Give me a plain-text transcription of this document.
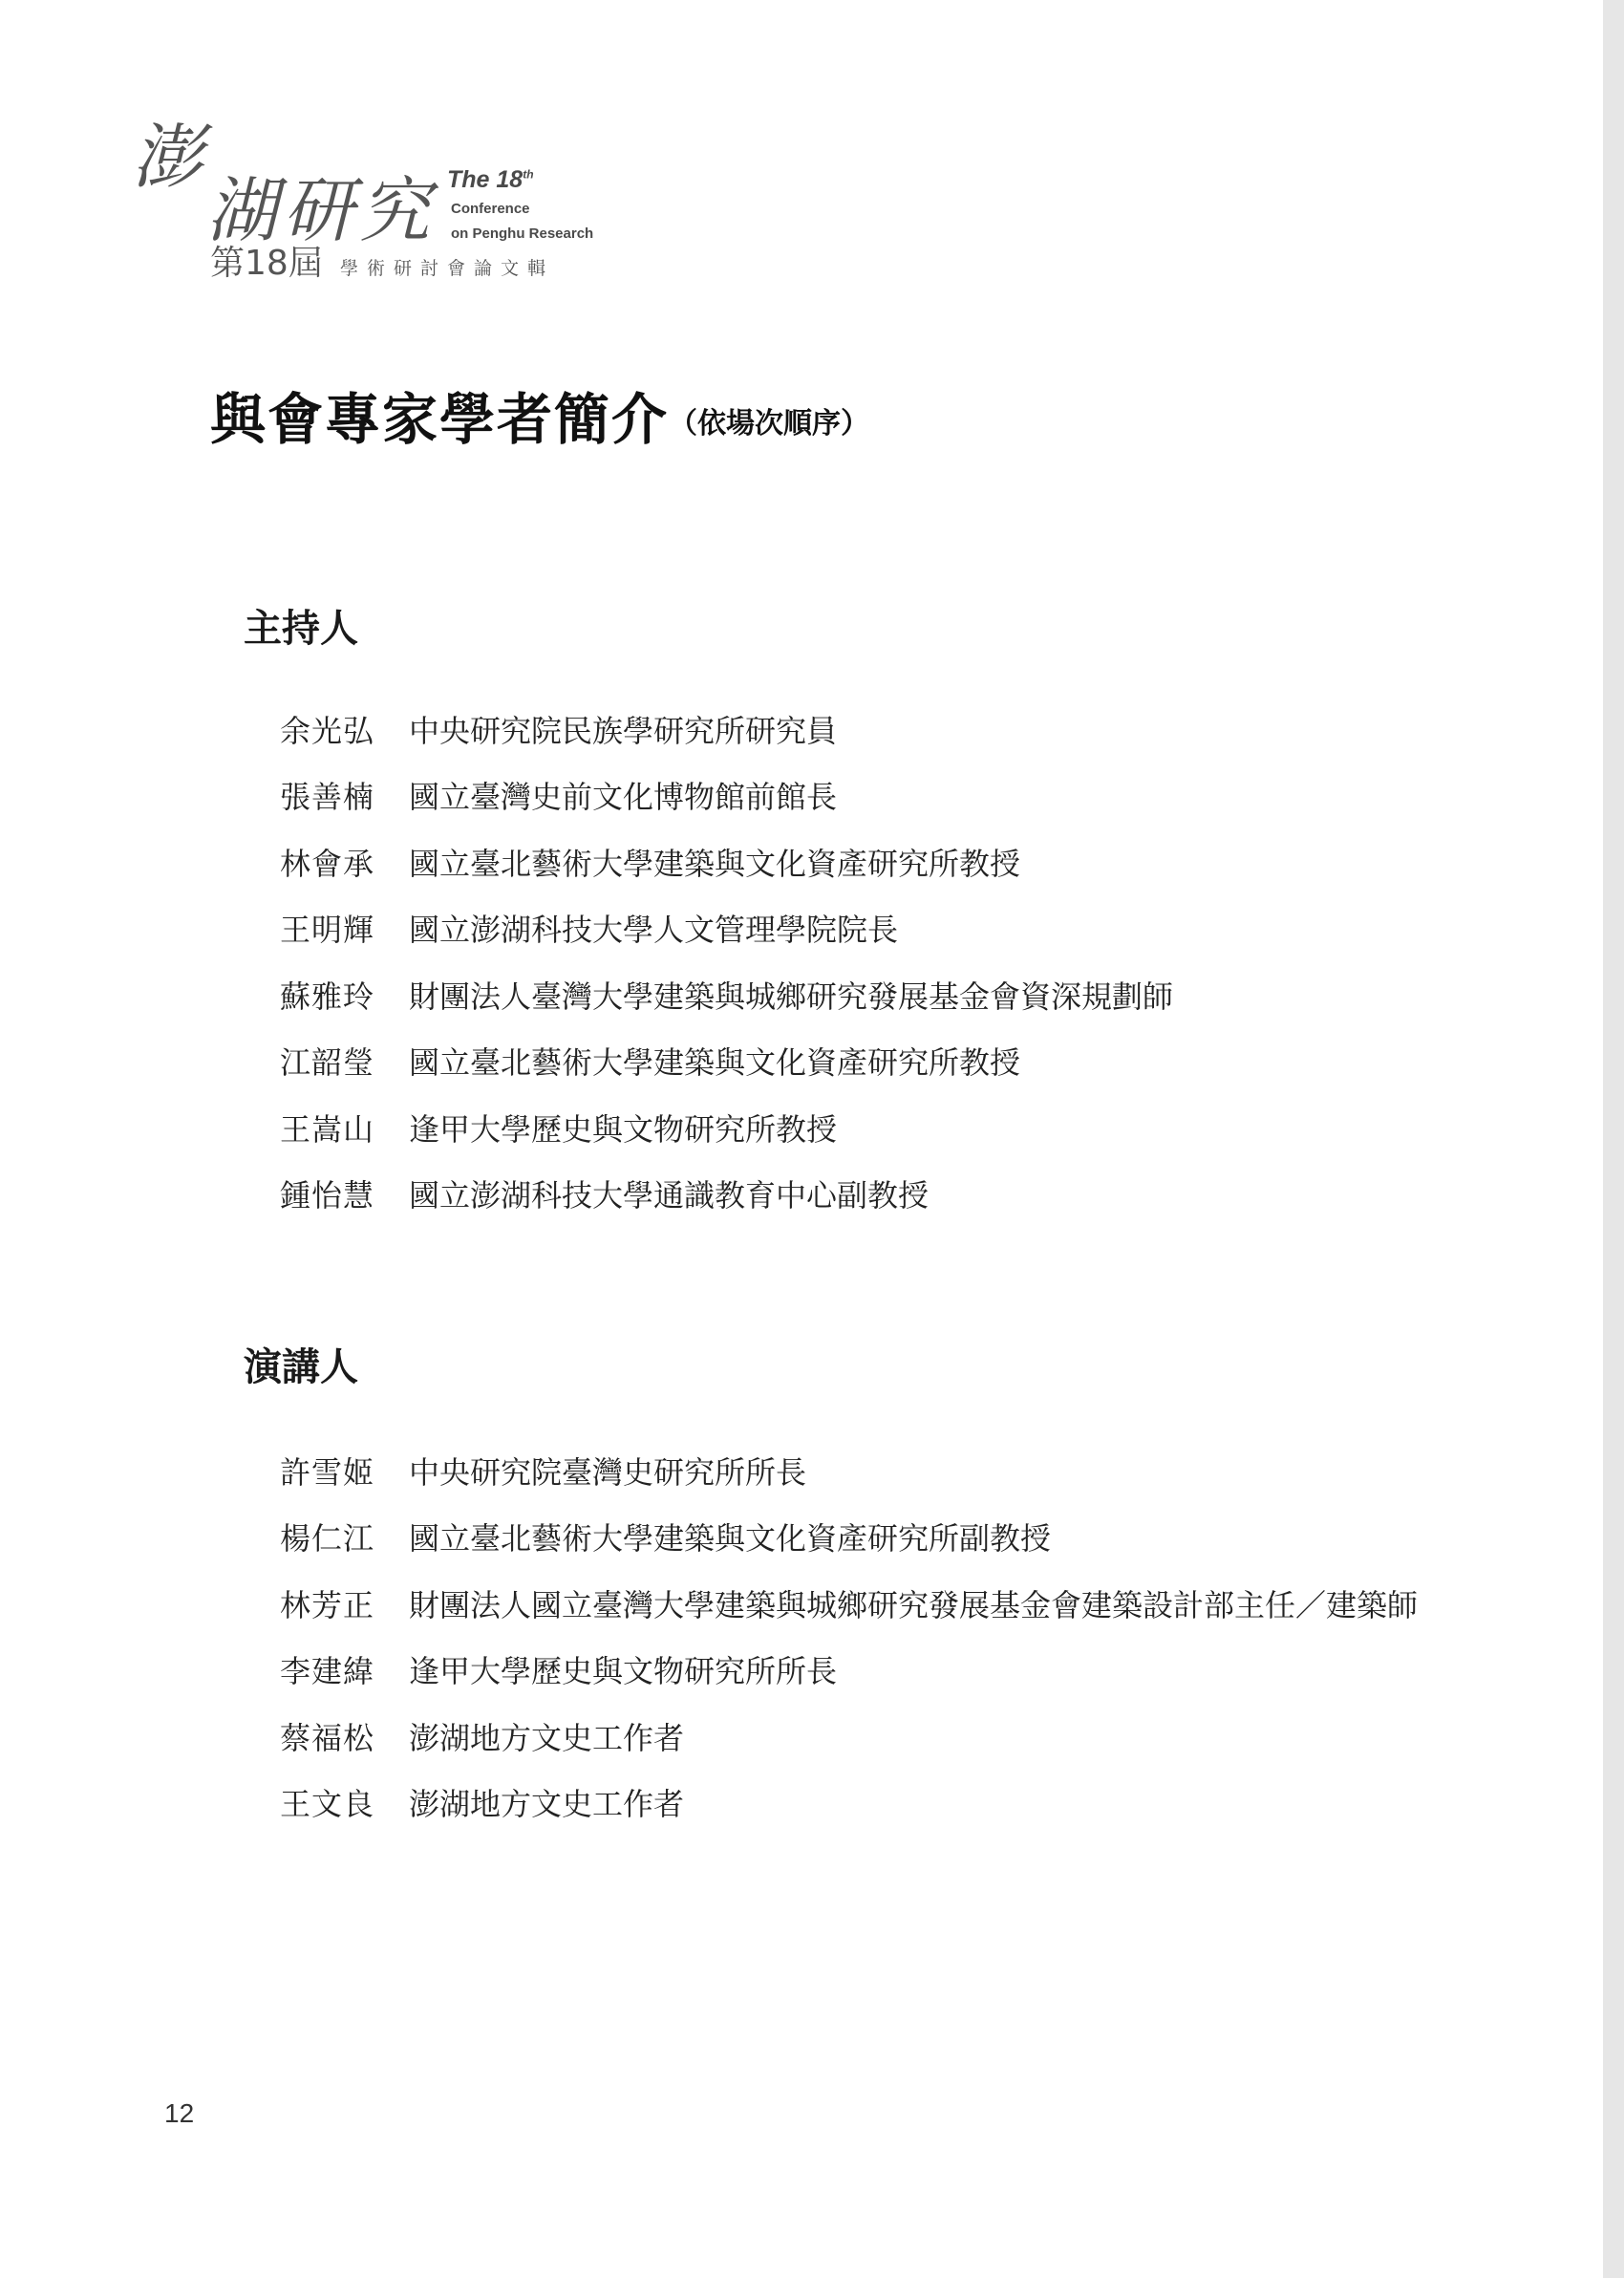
澎
湖研究 The 18th
Conference
on Penghu Research
第18屆 學術研討會論文輯
與會專家學者簡介（依場次順序）
主持人
余光弘	中央研究院民族學研究所研究員
張善楠	國立臺灣史前文化博物館前館長
林會承	國立臺北藝術大學建築與文化資產研究所教授
王明輝	國立澎湖科技大學人文管理學院院長
蘇雅玲	財團法人臺灣大學建築與城鄉研究發展基金會資深規劃師
江韶瑩	國立臺北藝術大學建築與文化資產研究所教授
王嵩山	逢甲大學歷史與文物研究所教授
鍾怡慧	國立澎湖科技大學通識教育中心副教授
演講人
許雪姬	中央研究院臺灣史研究所所長
楊仁江	國立臺北藝術大學建築與文化資產研究所副教授
林芳正	財團法人國立臺灣大學建築與城鄉研究發展基金會建築設計部主任／建築師
李建緯	逢甲大學歷史與文物研究所所長
蔡福松	澎湖地方文史工作者
王文良	澎湖地方文史工作者
12
